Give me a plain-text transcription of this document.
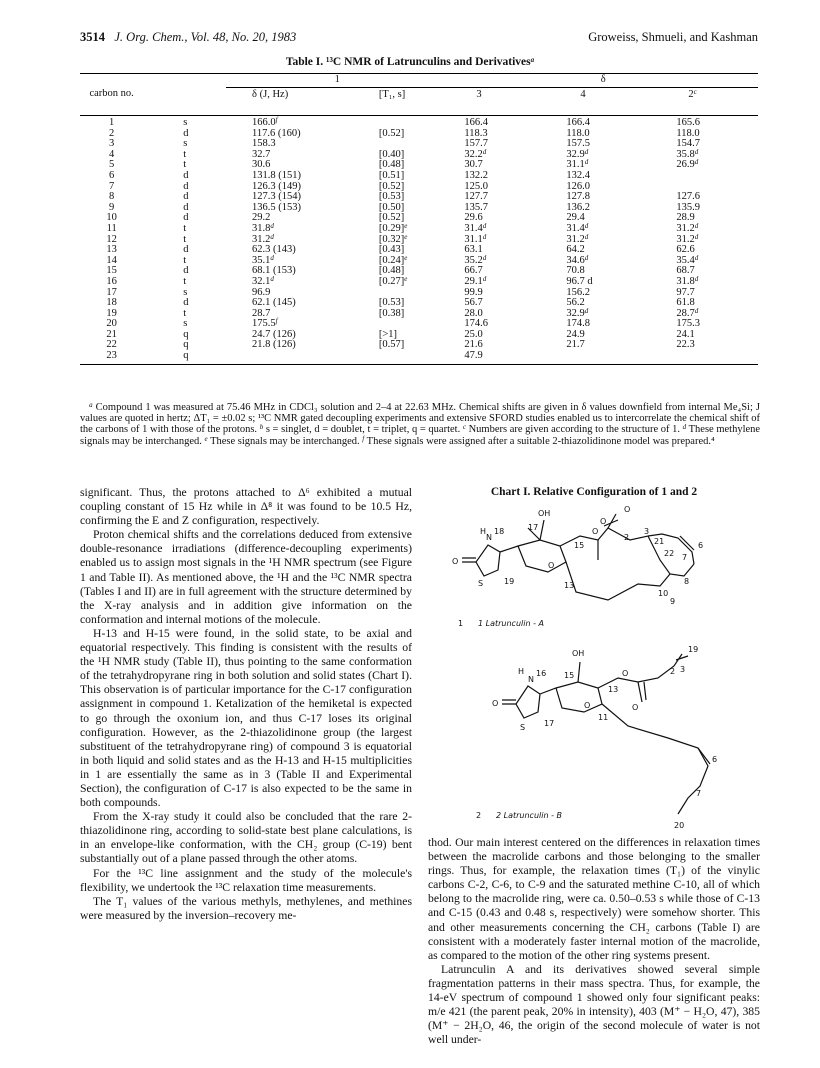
3514 J. Org. Chem., Vol. 48, No. 20, 1983	Groweiss, Shmueli, and Kashman
Table I. ¹³C NMR of Latrunculins and Derivatives$^a$
		1		δ		
carbon no.		δ (J, Hz)	[T₁, s]	3	4	2$^c$

1	s	166.0$^f$		166.4	166.4	165.6
2	d	117.6 (160)	[0.52]	118.3	118.0	118.0
3	s	158.3		157.7	157.5	154.7
4	t	32.7	[0.40]	32.2$^d$	32.9$^d$	35.8$^d$
5	t	30.6	[0.48]	30.7	31.1$^d$	26.9$^d$
6	d	131.8 (151)	[0.51]	132.2	132.4	
7	d	126.3 (149)	[0.52]	125.0	126.0	
8	d	127.3 (154)	[0.53]	127.7	127.8	127.6
9	d	136.5 (153)	[0.50]	135.7	136.2	135.9
10	d	29.2	[0.52]	29.6	29.4	28.9
11	t	31.8$^d$	$[0.29]^e$	31.4$^d$	31.4$^d$	31.2$^d$
12	t	31.2$^d$	$[0.32]^e$	31.1$^d$	31.2$^d$	31.2$^d$
13	d	62.3 (143)	[0.43]	63.1	64.2	62.6
14	t	35.1$^d$	$[0.24]^e$	35.2$^d$	34.6$^d$	35.4$^d$
15	d	68.1 (153)	[0.48]	66.7	70.8	68.7
16	t	32.1$^d$	$[0.27]^e$	29.1$^d$	96.7 d	31.8$^d$
17	s	96.9		99.9	156.2	97.7
18	d	62.1 (145)	[0.53]	56.7	56.2	61.8
19	t	28.7	[0.38]	28.0	32.9$^d$	28.7$^d$
20	s	175.5$^f$		174.6	174.8	175.3
21	q	24.7 (126)	[>1]	25.0	24.9	24.1
22	q	21.8 (126)	[0.57]	21.6	21.7	22.3
23	q			47.9		
$^a$ Compound 1 was measured at 75.46 MHz in CDCl₃ solution and 2–4 at 22.63 MHz. Chemical shifts are given in δ values downfield from internal Me₄Si; J values are quoted in hertz; ΔT₁ = ±0.02 s; ¹³C NMR gated decoupling experiments and extensive SFORD studies enabled us to intercorrelate the chemical shift of the carbons of 1 with those of the protons. $^b$ s = singlet, d = doublet, t = triplet, q = quartet. $^c$ Numbers are given according to the structure of 1. $^d$ These methylene signals may be interchanged. $^e$ These signals may be interchanged. $^f$ These signals were assigned after a suitable 2-thiazolidinone model was prepared.⁴

significant. Thus, the protons attached to Δ⁶ exhibited a mutual coupling constant of 15 Hz while in Δ⁸ it was found to be 10.5 Hz, confirming the E and Z configuration, respectively.

Proton chemical shifts and the correlations deduced from extensive double-resonance irradiations (difference-decoupling experiments) enabled us to assign most signals in the ¹H NMR spectrum (see Figure 1 and Table II). As mentioned above, the ¹H and the ¹³C NMR spectra (Tables I and II) are in full agreement with the structure determined by the X-ray analysis and in addition give information on the conformation and internal motions of the molecule.

H-13 and H-15 were found, in the solid state, to be axial and equatorial respectively. This finding is consistent with the results of the ¹H NMR study (Table II), thus pointing to the same conformation of the tetrahydropyrane ring in both solution and solid states (Chart I). This observation is of particular importance for the C-17 configuration assignment in compound 1. Ketalization of the hemiketal is expected to go through the oxonium ion, and thus C-17 loses its original configuration. However, as the 2-thiazolidinone group (the largest substituent of the tetrahydropyrane ring) of compound 3 is equatorial in both liquid and solid states and as the H-13 and H-15 multiplicities in 1 are essentially the same as in 3 (Table II and Experimental Section), the configuration of C-17 is also expected to be the same in both compounds.

From the X-ray study it could also be concluded that the rare 2-thiazolidinone ring, according to solid-state best plane calculations, is in an envelope-like conformation, with the CH₂ group (C-19) bent substantially out of a plane passed through the other atoms.

For the ¹³C line assignment and the study of the molecule's flexibility, we undertook the ¹³C relaxation time measurements.

The T₁ values of the various methyls, methylenes, and methines were measured by the inversion–recovery me-

Chart I. Relative Configuration of 1 and 2
O
S	19
N
18
H
OH
17
O
13
15
O
O
O
2
3
21	6
7
22
10
8
9
1 1 Latrunculin - A
O
S 17
N
16
H
OH
15
O
13
11
O
O	2 3
19
6
7
20
2 2 Latrunculin - B

thod. Our main interest centered on the differences in relaxation times between the macrolide carbons and those belonging to the smaller rings. Thus, for example, the relaxation times (T₁) of the vinylic carbons C-2, C-6, to C-9 and the saturated methine C-10, all of which belong to the macrolide ring, were ca. 0.50–0.53 s while those of C-13 and C-15 (0.43 and 0.48 s, respectively) were somehow shorter. This and other measurements concerning the CH₂ carbons (Table I) are consistent with a moderately faster internal motion of the macrolide, as compared to the motion of the other ring systems present.

Latrunculin A and its derivatives showed several simple fragmentation patterns in their mass spectra. Thus, for example, the 14-eV spectrum of compound 1 showed only four significant peaks: m/e 421 (the parent peak, 20% in intensity), 403 (M⁺ − H₂O, 47), 385 (M⁺ − 2H₂O, 46, the origin of the second molecule of water is not well under-
